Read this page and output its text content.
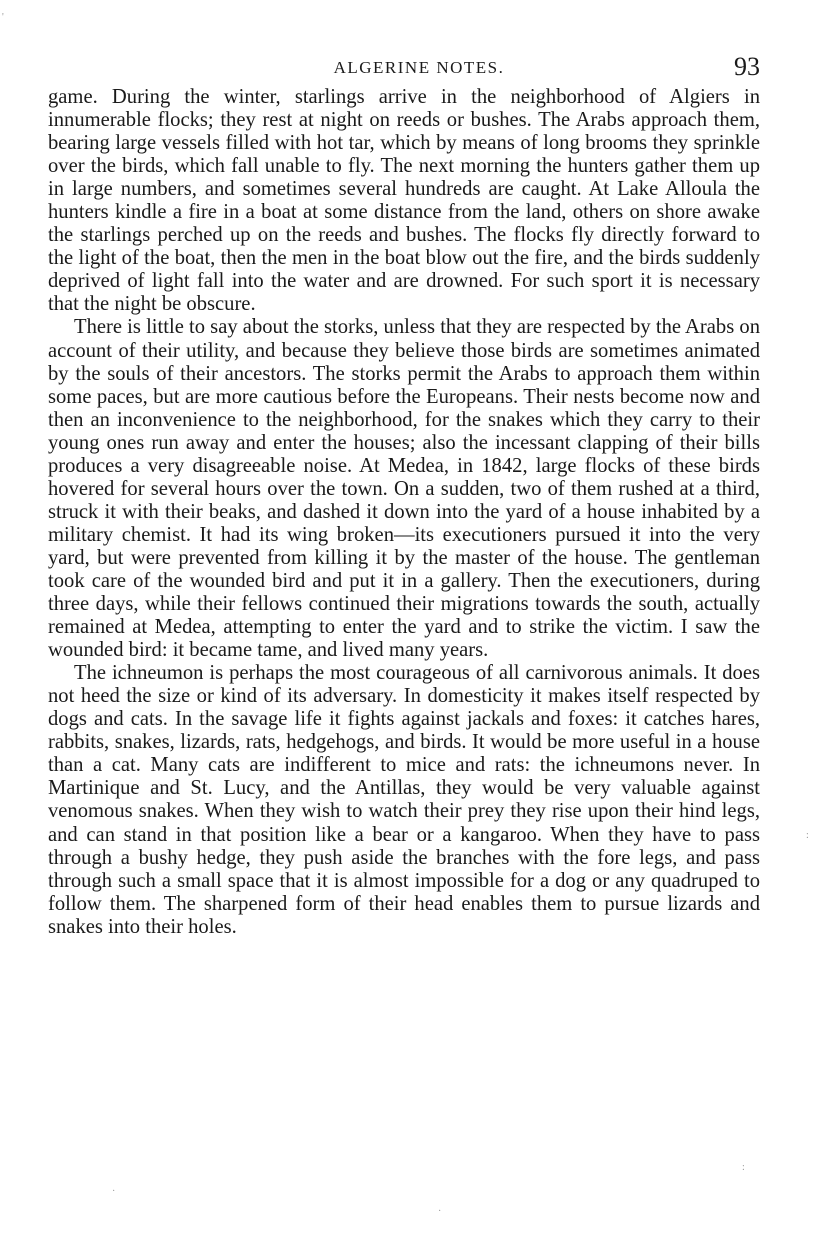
ALGERINE NOTES.	93

game. During the winter, starlings arrive in the neighborhood of Algiers in innumerable flocks; they rest at night on reeds or bushes. The Arabs approach them, bearing large vessels filled with hot tar, which by means of long brooms they sprinkle over the birds, which fall unable to fly. The next morning the hunters gather them up in large numbers, and sometimes several hundreds are caught. At Lake Alloula the hunters kindle a fire in a boat at some distance from the land, others on shore awake the starlings perched up on the reeds and bushes. The flocks fly directly forward to the light of the boat, then the men in the boat blow out the fire, and the birds suddenly deprived of light fall into the water and are drowned. For such sport it is necessary that the night be obscure.

There is little to say about the storks, unless that they are respected by the Arabs on account of their utility, and because they believe those birds are sometimes animated by the souls of their ancestors. The storks permit the Arabs to approach them within some paces, but are more cautious before the Europeans. Their nests become now and then an inconvenience to the neighborhood, for the snakes which they carry to their young ones run away and enter the houses; also the incessant clapping of their bills produces a very disagreeable noise. At Medea, in 1842, large flocks of these birds hovered for several hours over the town. On a sudden, two of them rushed at a third, struck it with their beaks, and dashed it down into the yard of a house inhabited by a military chemist. It had its wing broken—its executioners pursued it into the very yard, but were prevented from killing it by the master of the house. The gentleman took care of the wounded bird and put it in a gallery. Then the executioners, during three days, while their fellows continued their migrations towards the south, actually remained at Medea, attempting to enter the yard and to strike the victim. I saw the wounded bird: it became tame, and lived many years.

The ichneumon is perhaps the most courageous of all carnivorous animals. It does not heed the size or kind of its adversary. In domesticity it makes itself respected by dogs and cats. In the savage life it fights against jackals and foxes: it catches hares, rabbits, snakes, lizards, rats, hedgehogs, and birds. It would be more useful in a house than a cat. Many cats are indifferent to mice and rats: the ichneumons never. In Martinique and St. Lucy, and the Antillas, they would be very valuable against venomous snakes. When they wish to watch their prey they rise upon their hind legs, and can stand in that position like a bear or a kangaroo. When they have to pass through a bushy hedge, they push aside the branches with the fore legs, and pass through such a small space that it is almost impossible for a dog or any quadruped to follow them. The sharpened form of their head enables them to pursue lizards and snakes into their holes.

'
·
·
:
:
